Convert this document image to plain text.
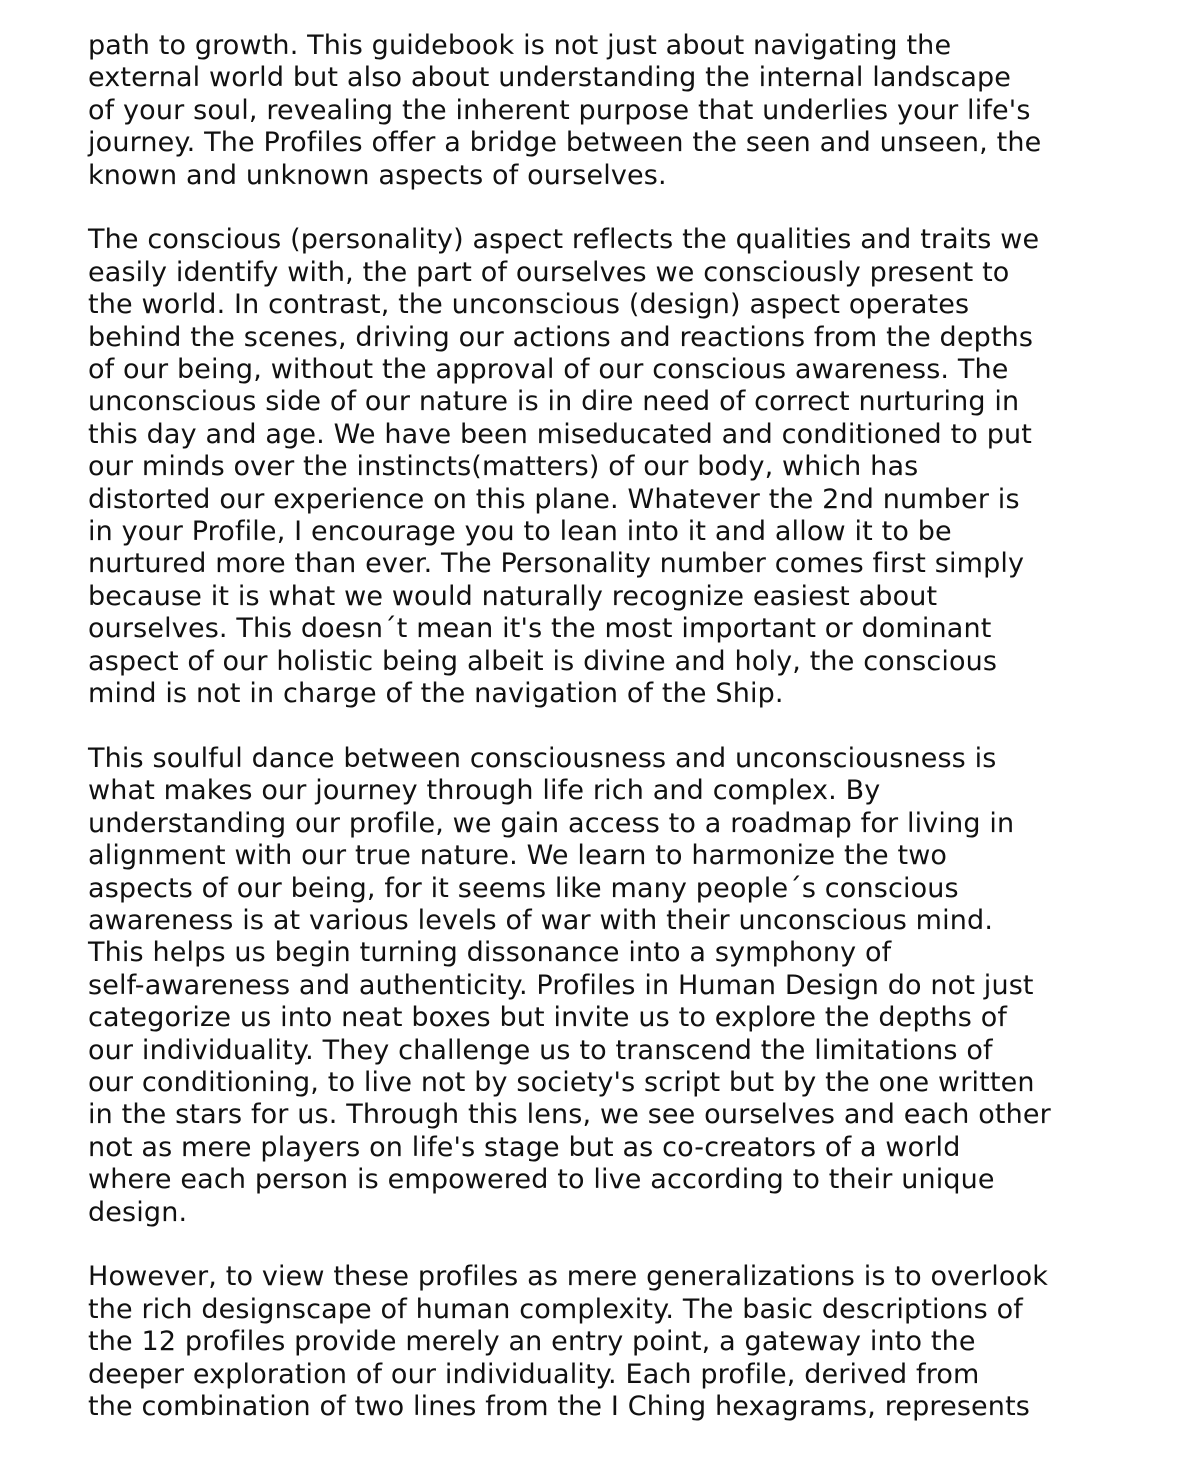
path to growth. This guidebook is not just about navigating the
external world but also about understanding the internal landscape
of your soul, revealing the inherent purpose that underlies your life's
journey. The Profiles offer a bridge between the seen and unseen, the
known and unknown aspects of ourselves.

The conscious (personality) aspect reflects the qualities and traits we
easily identify with, the part of ourselves we consciously present to
the world. In contrast, the unconscious (design) aspect operates
behind the scenes, driving our actions and reactions from the depths
of our being, without the approval of our conscious awareness. The
unconscious side of our nature is in dire need of correct nurturing in
this day and age. We have been miseducated and conditioned to put
our minds over the instincts(matters) of our body, which has
distorted our experience on this plane. Whatever the 2nd number is
in your Profile, I encourage you to lean into it and allow it to be
nurtured more than ever. The Personality number comes first simply
because it is what we would naturally recognize easiest about
ourselves. This doesn´t mean it's the most important or dominant
aspect of our holistic being albeit is divine and holy, the conscious
mind is not in charge of the navigation of the Ship.

This soulful dance between consciousness and unconsciousness is
what makes our journey through life rich and complex. By
understanding our profile, we gain access to a roadmap for living in
alignment with our true nature. We learn to harmonize the two
aspects of our being, for it seems like many people´s conscious
awareness is at various levels of war with their unconscious mind.
This helps us begin turning dissonance into a symphony of
self-awareness and authenticity. Profiles in Human Design do not just
categorize us into neat boxes but invite us to explore the depths of
our individuality. They challenge us to transcend the limitations of
our conditioning, to live not by society's script but by the one written
in the stars for us. Through this lens, we see ourselves and each other
not as mere players on life's stage but as co-creators of a world
where each person is empowered to live according to their unique
design.

However, to view these profiles as mere generalizations is to overlook
the rich designscape of human complexity. The basic descriptions of
the 12 profiles provide merely an entry point, a gateway into the
deeper exploration of our individuality. Each profile, derived from
the combination of two lines from the I Ching hexagrams, represents
